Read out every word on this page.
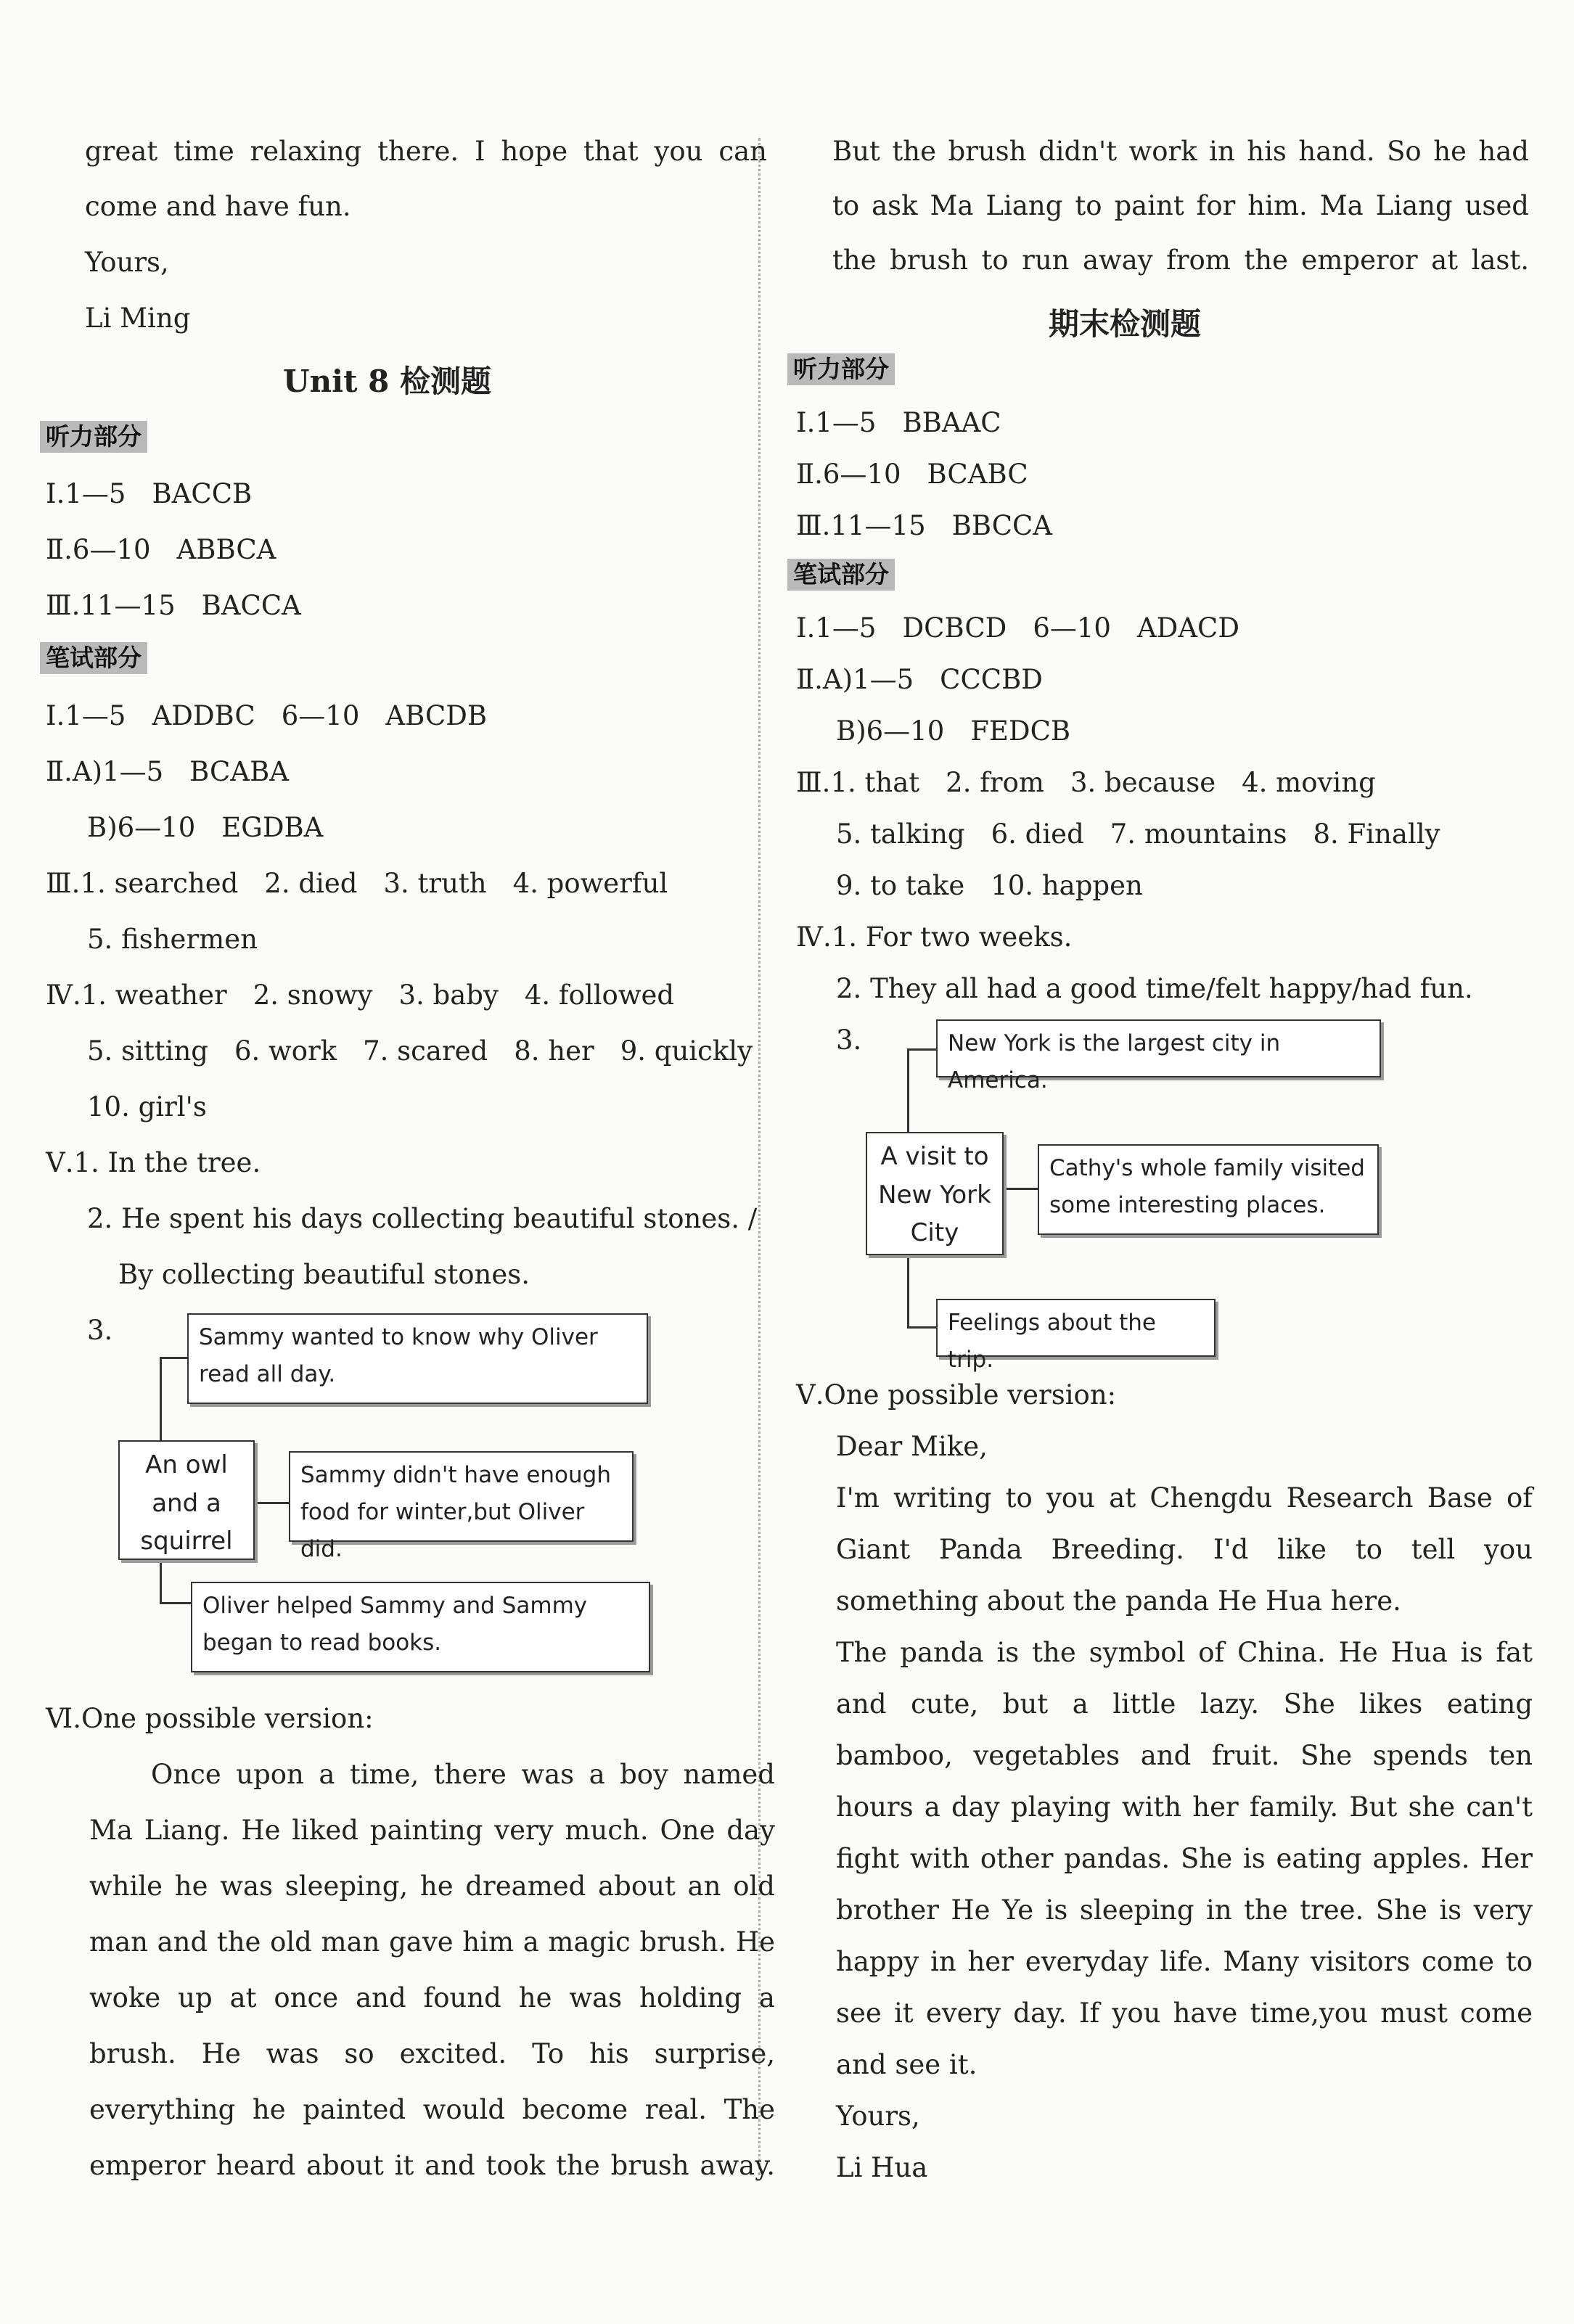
great time relaxing there. I hope that you can
come and have fun.
Yours,
Li Ming
Unit 8 检测题
听力部分
Ⅰ.1—5 BACCB
Ⅱ.6—10 ABBCA
Ⅲ.11—15 BACCA
笔试部分
Ⅰ.1—5 ADDBC 6—10 ABCDB
Ⅱ.A)1—5 BCABA
B)6—10 EGDBA
Ⅲ.1. searched 2. died 3. truth 4. powerful
5. fishermen
Ⅳ.1. weather 2. snowy 3. baby 4. followed
5. sitting 6. work 7. scared 8. her 9. quickly
10. girl's
Ⅴ.1. In the tree.
2. He spent his days collecting beautiful stones. /
By collecting beautiful stones.
3.
An owl and a squirrel
Sammy wanted to know why Oliver read all day.
Sammy didn't have enough food for winter,but Oliver did.
Oliver helped Sammy and Sammy began to read books.
Ⅵ.One possible version:
Once upon a time, there was a boy named
Ma Liang. He liked painting very much. One day
while he was sleeping, he dreamed about an old
man and the old man gave him a magic brush. He
woke up at once and found he was holding a
brush. He was so excited. To his surprise,
everything he painted would become real. The
emperor heard about it and took the brush away.
But the brush didn't work in his hand. So he had
to ask Ma Liang to paint for him. Ma Liang used
the brush to run away from the emperor at last.
期末检测题
听力部分
Ⅰ.1—5 BBAAC
Ⅱ.6—10 BCABC
Ⅲ.11—15 BBCCA
笔试部分
Ⅰ.1—5 DCBCD 6—10 ADACD
Ⅱ.A)1—5 CCCBD
B)6—10 FEDCB
Ⅲ.1. that 2. from 3. because 4. moving
5. talking 6. died 7. mountains 8. Finally
9. to take 10. happen
Ⅳ.1. For two weeks.
2. They all had a good time/felt happy/had fun.
3.
A visit to New York City
New York is the largest city in America.
Cathy's whole family visited some interesting places.
Feelings about the trip.
Ⅴ.One possible version:
Dear Mike,
I'm writing to you at Chengdu Research Base of
Giant Panda Breeding. I'd like to tell you
something about the panda He Hua here.
The panda is the symbol of China. He Hua is fat
and cute, but a little lazy. She likes eating
bamboo, vegetables and fruit. She spends ten
hours a day playing with her family. But she can't
fight with other pandas. She is eating apples. Her
brother He Ye is sleeping in the tree. She is very
happy in her everyday life. Many visitors come to
see it every day. If you have time,you must come
and see it.
Yours,
Li Hua
